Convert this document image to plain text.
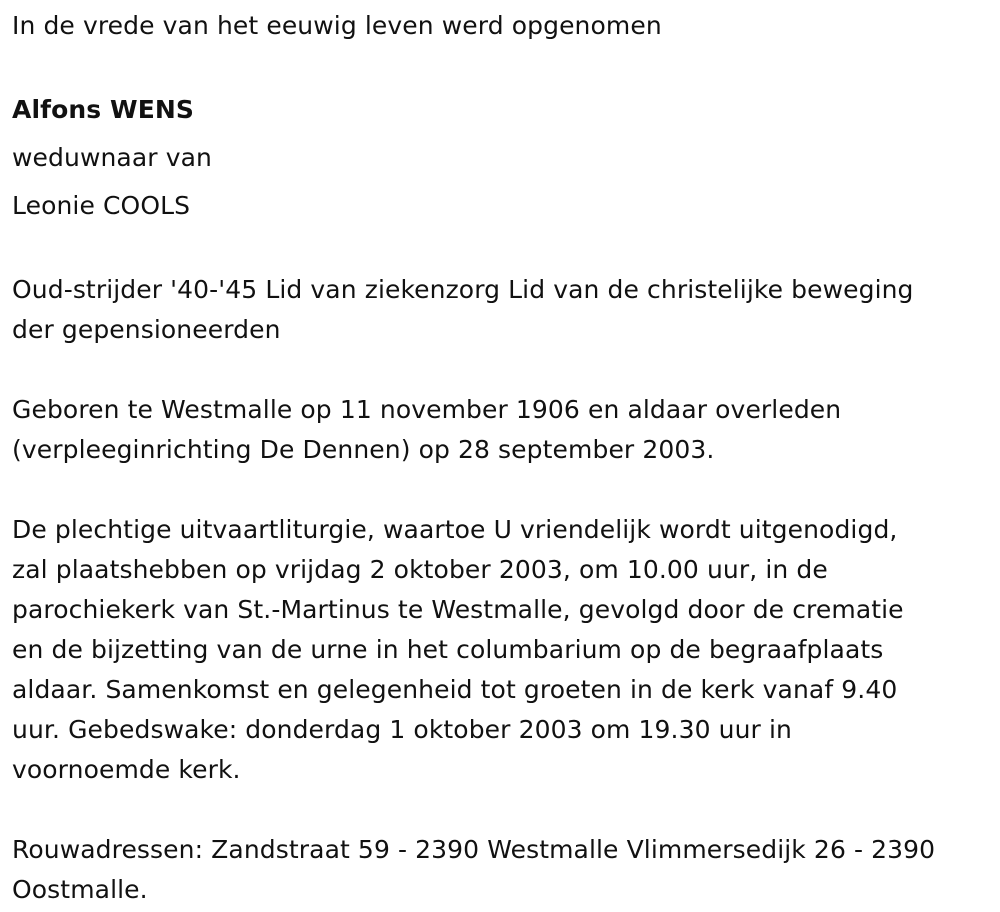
In de vrede van het eeuwig leven werd opgenomen
Alfons WENS
weduwnaar van
Leonie COOLS
Oud-strijder '40-'45 Lid van ziekenzorg Lid van de christelijke beweging
der gepensioneerden
Geboren te Westmalle op 11 november 1906 en aldaar overleden
(verpleeginrichting De Dennen) op 28 september 2003.
De plechtige uitvaartliturgie, waartoe U vriendelijk wordt uitgenodigd,
zal plaatshebben op vrijdag 2 oktober 2003, om 10.00 uur, in de
parochiekerk van St.-Martinus te Westmalle, gevolgd door de crematie
en de bijzetting van de urne in het columbarium op de begraafplaats
aldaar. Samenkomst en gelegenheid tot groeten in de kerk vanaf 9.40
uur. Gebedswake: donderdag 1 oktober 2003 om 19.30 uur in
voornoemde kerk.
Rouwadressen: Zandstraat 59 - 2390 Westmalle Vlimmersedijk 26 - 2390
Oostmalle.
